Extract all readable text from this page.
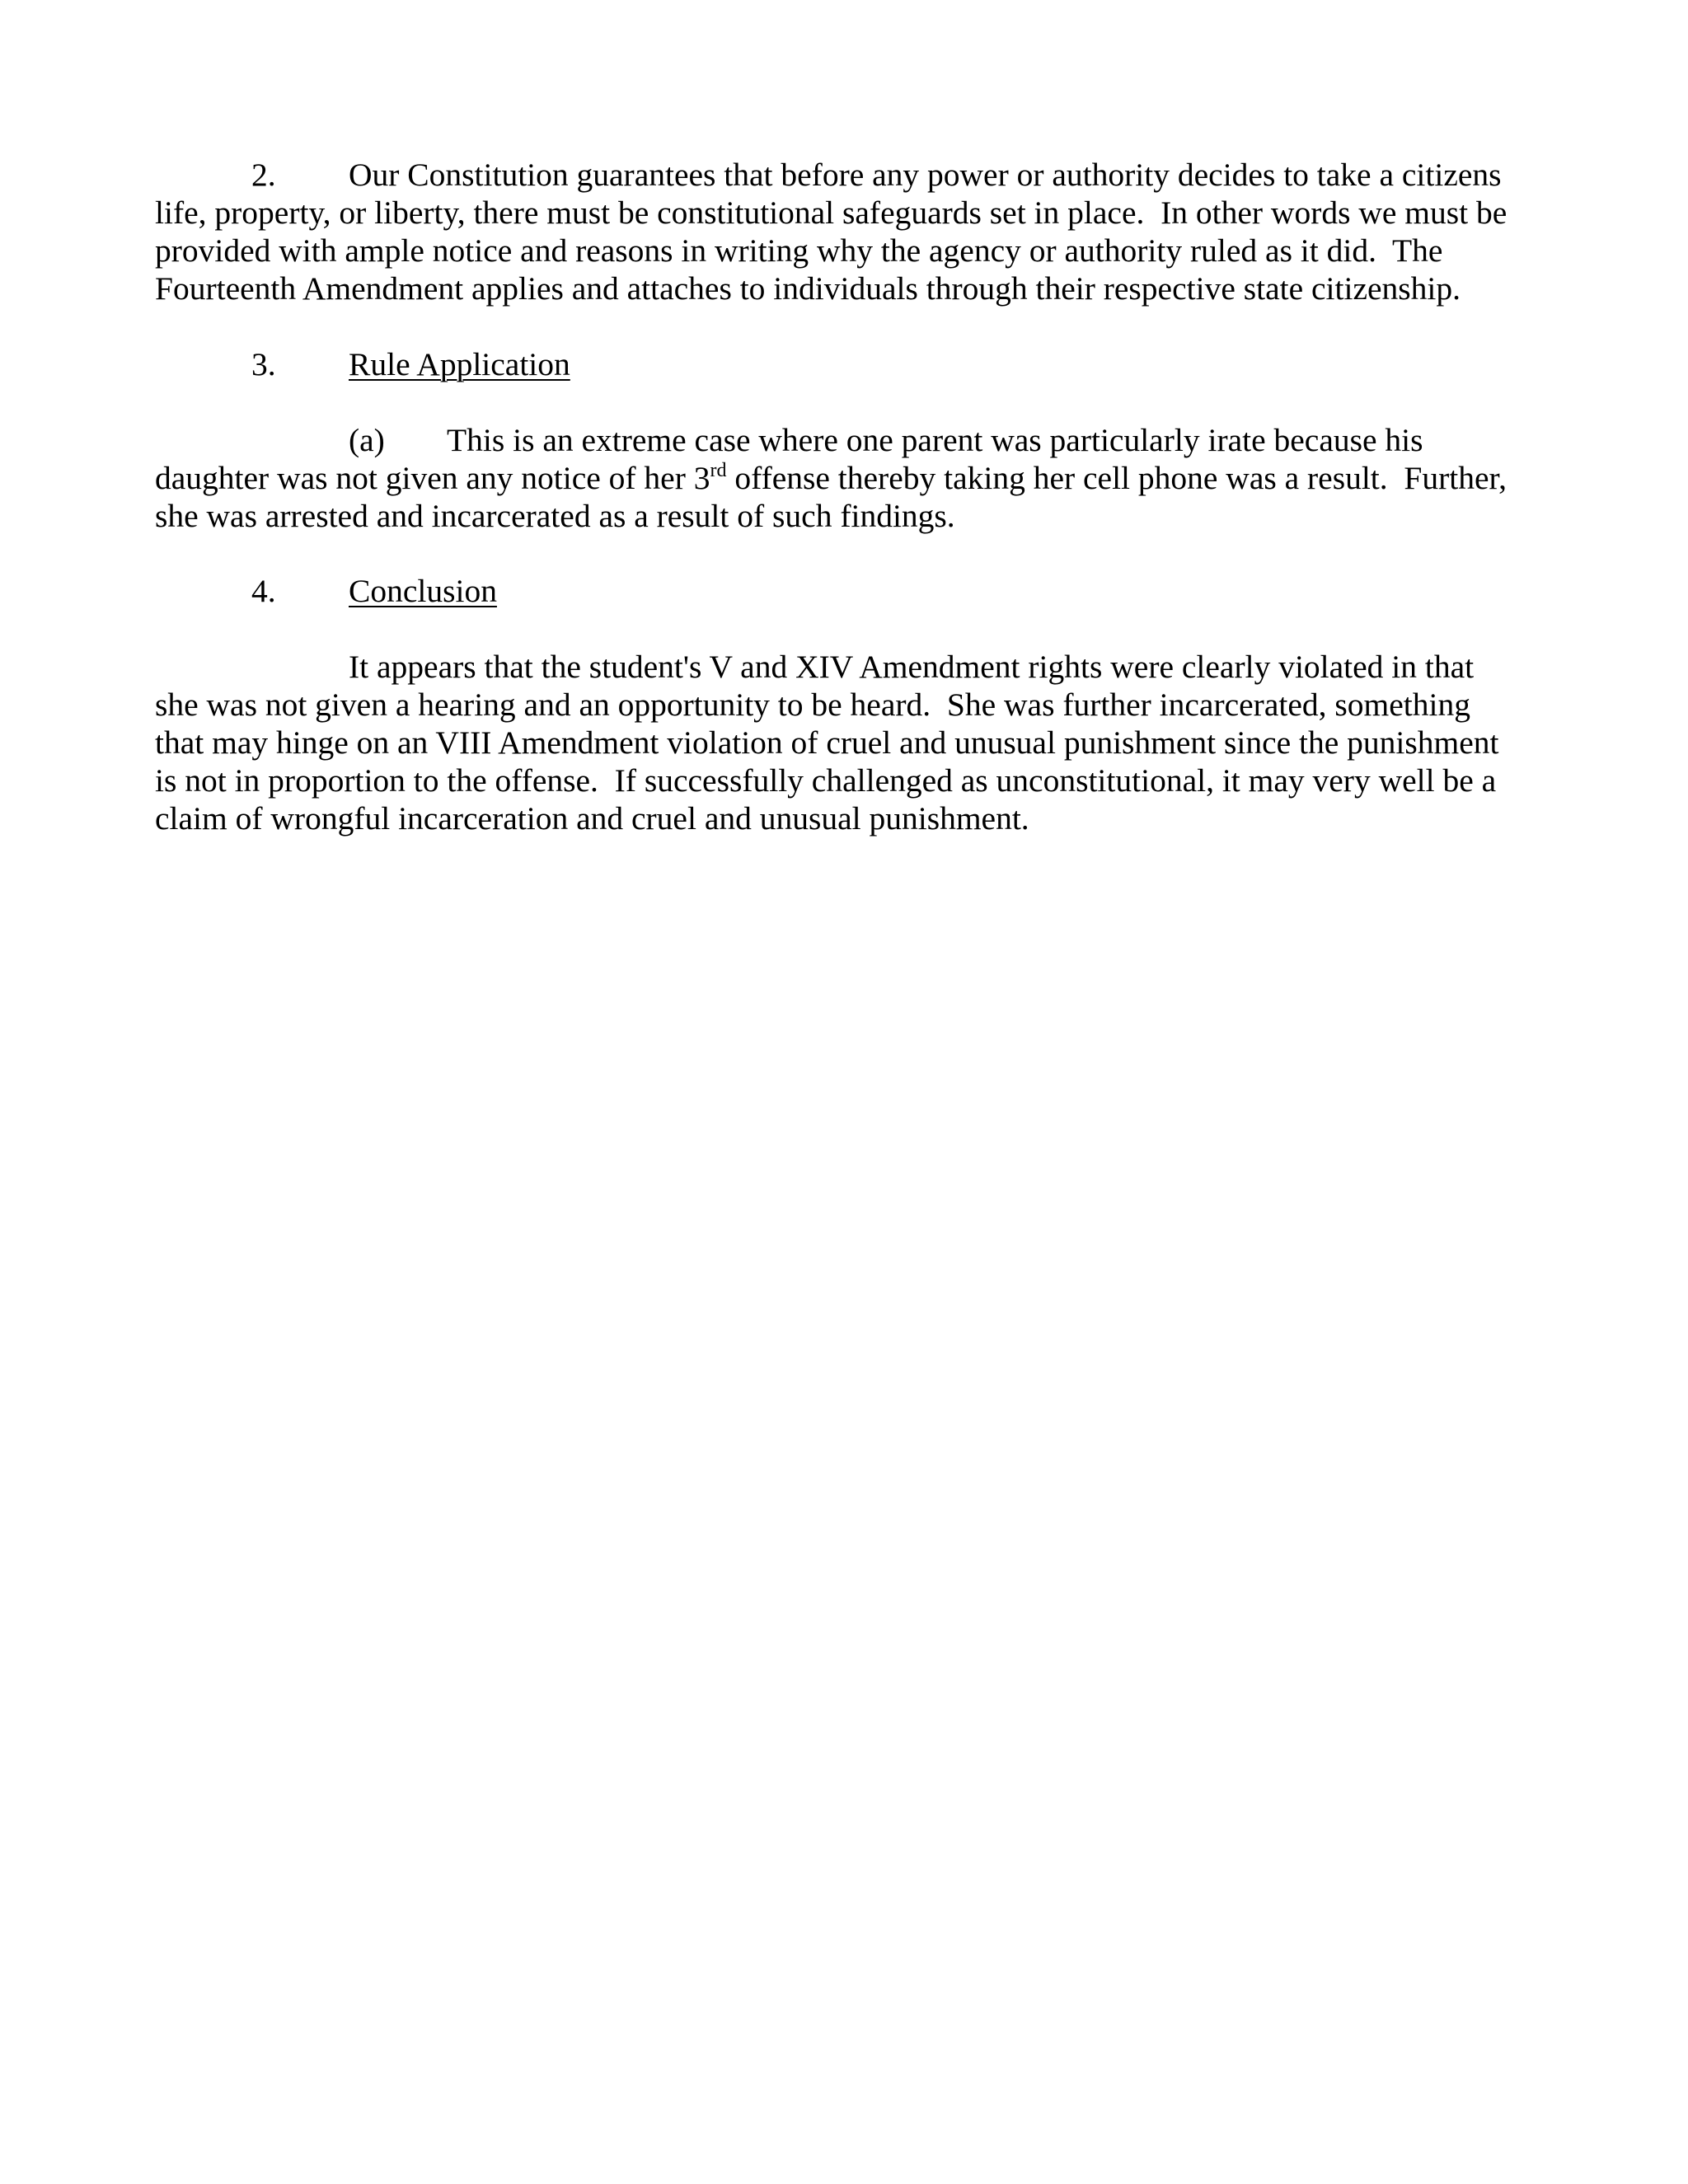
2. Our Constitution guarantees that before any power or authority decides to take a citizens
life, property, or liberty, there must be constitutional safeguards set in place.  In other words we must be
provided with ample notice and reasons in writing why the agency or authority ruled as it did.  The
Fourteenth Amendment applies and attaches to individuals through their respective state citizenship.
3. Rule Application
(a) This is an extreme case where one parent was particularly irate because his
daughter was not given any notice of her 3rd offense thereby taking her cell phone was a result.  Further,
she was arrested and incarcerated as a result of such findings.
4. Conclusion
It appears that the student's V and XIV Amendment rights were clearly violated in that
she was not given a hearing and an opportunity to be heard.  She was further incarcerated, something
that may hinge on an VIII Amendment violation of cruel and unusual punishment since the punishment
is not in proportion to the offense.  If successfully challenged as unconstitutional, it may very well be a
claim of wrongful incarceration and cruel and unusual punishment.
